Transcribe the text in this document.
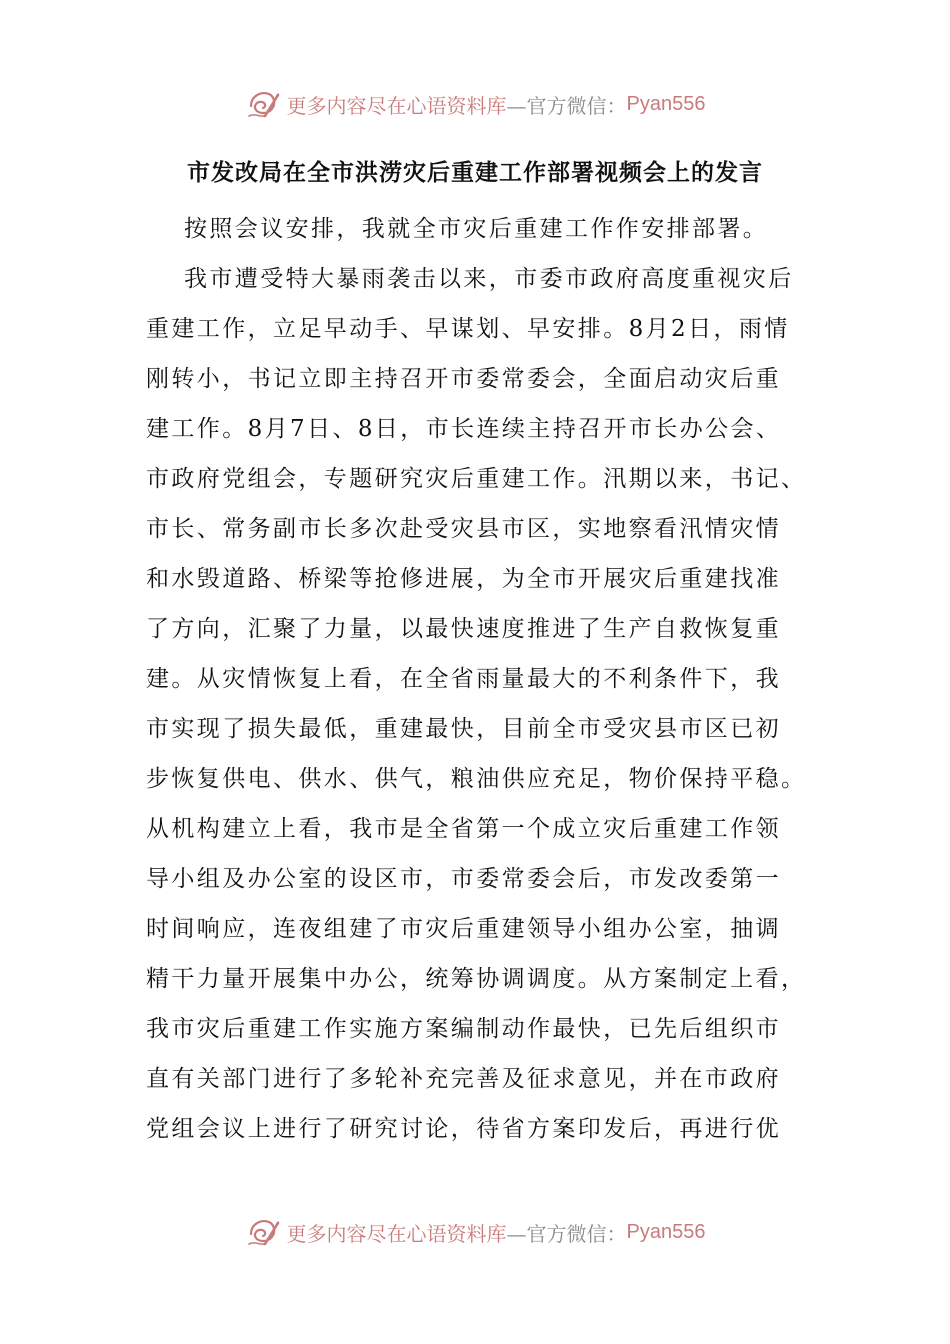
更多内容尽在心语资料库 —官方微信： Pyan556
市发改局在全市洪涝灾后重建工作部署视频会上的发言
按照会议安排，我就全市灾后重建工作作安排部署。
我市遭受特大暴雨袭击以来，市委市政府高度重视灾后
重建工作，立足早动手、早谋划、早安排。8月2日，雨情
刚转小，书记立即主持召开市委常委会，全面启动灾后重
建工作。8月7日、8日，市长连续主持召开市长办公会、
市政府党组会，专题研究灾后重建工作。汛期以来，书记、
市长、常务副市长多次赴受灾县市区，实地察看汛情灾情
和水毁道路、桥梁等抢修进展，为全市开展灾后重建找准
了方向，汇聚了力量，以最快速度推进了生产自救恢复重
建。从灾情恢复上看，在全省雨量最大的不利条件下，我
市实现了损失最低，重建最快，目前全市受灾县市区已初
步恢复供电、供水、供气，粮油供应充足，物价保持平稳。
从机构建立上看，我市是全省第一个成立灾后重建工作领
导小组及办公室的设区市，市委常委会后，市发改委第一
时间响应，连夜组建了市灾后重建领导小组办公室，抽调
精干力量开展集中办公，统筹协调调度。从方案制定上看，
我市灾后重建工作实施方案编制动作最快，已先后组织市
直有关部门进行了多轮补充完善及征求意见，并在市政府
党组会议上进行了研究讨论，待省方案印发后，再进行优
更多内容尽在心语资料库 —官方微信： Pyan556
